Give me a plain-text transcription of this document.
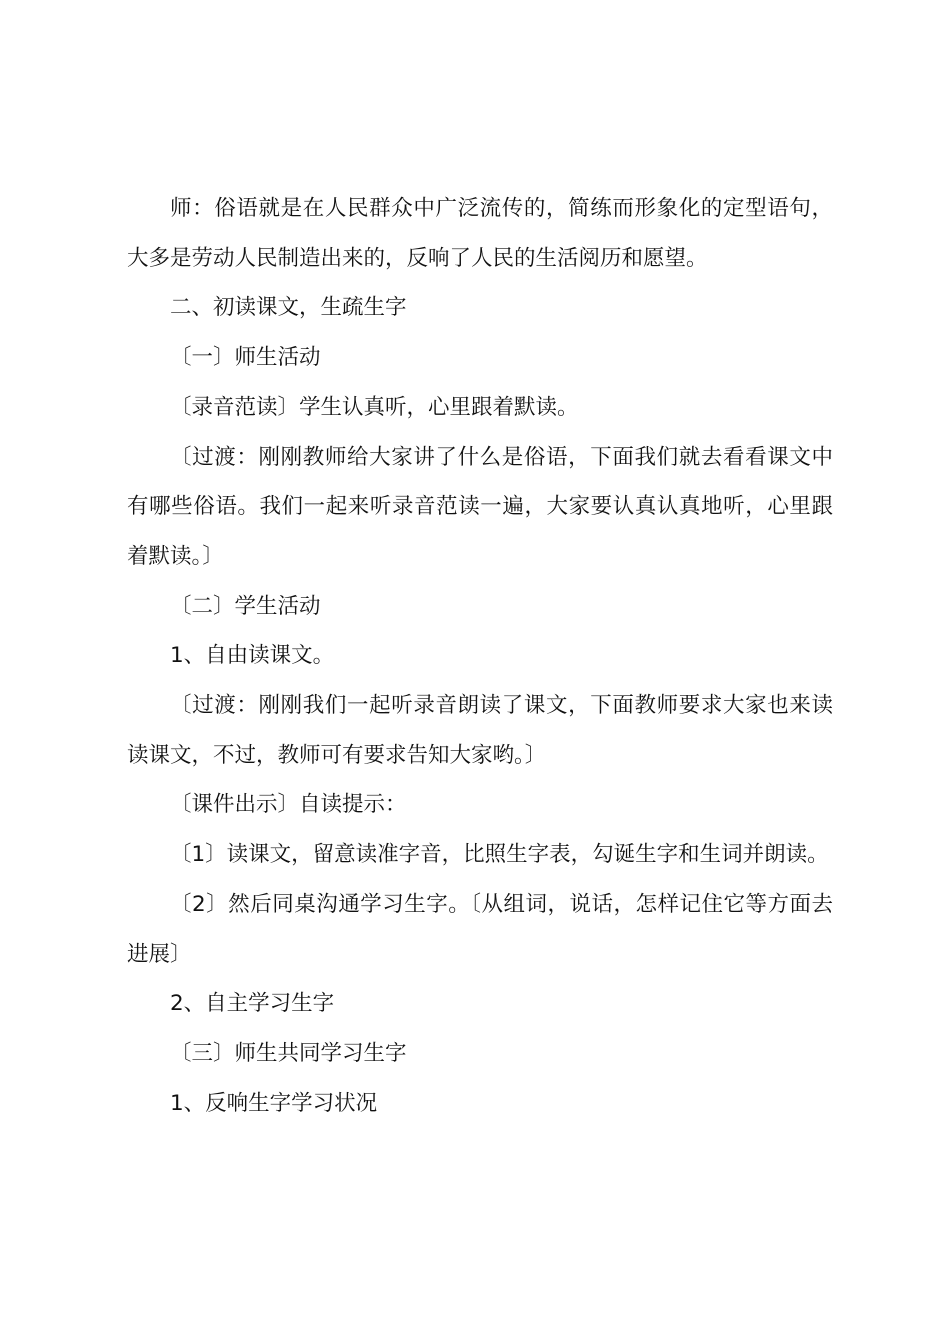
师：俗语就是在人民群众中广泛流传的，简练而形象化的定型语句，大多是劳动人民制造出来的，反响了人民的生活阅历和愿望。

二、初读课文，生疏生字

〔一〕师生活动

〔录音范读〕学生认真听，心里跟着默读。

〔过渡：刚刚教师给大家讲了什么是俗语，下面我们就去看看课文中有哪些俗语。我们一起来听录音范读一遍，大家要认真认真地听，心里跟着默读。〕

〔二〕学生活动

1、自由读课文。

〔过渡：刚刚我们一起听录音朗读了课文，下面教师要求大家也来读读课文，不过，教师可有要求告知大家哟。〕

〔课件出示〕自读提示：

〔1〕读课文，留意读准字音，比照生字表，勾诞生字和生词并朗读。

〔2〕然后同桌沟通学习生字。〔从组词，说话，怎样记住它等方面去进展〕

2、自主学习生字

〔三〕师生共同学习生字

1、反响生字学习状况
